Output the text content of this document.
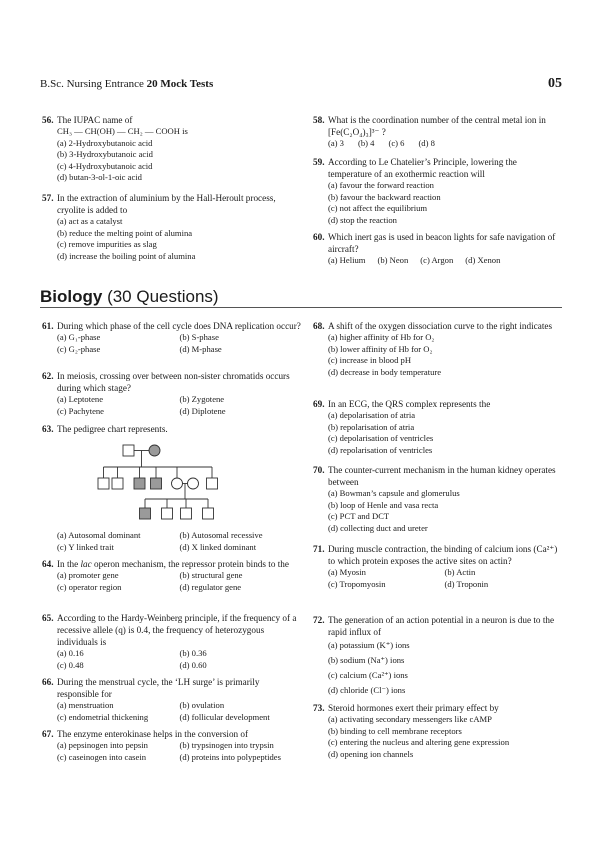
B.Sc. Nursing Entrance 20 Mock Tests	05
56. The IUPAC name of
CH₃ — CH(OH) — CH₂ — COOH is
(a) 2-Hydroxybutanoic acid
(b) 3-Hydroxybutanoic acid
(c) 4-Hydroxybutanoic acid
(d) butan-3-ol-1-oic acid
57. In the extraction of aluminium by the Hall-Heroult process, cryolite is added to
(a) act as a catalyst
(b) reduce the melting point of alumina
(c) remove impurities as slag
(d) increase the boiling point of alumina
58. What is the coordination number of the central metal ion in [Fe(C₂O₄)₃]³⁻ ?
(a) 3 (b) 4 (c) 6 (d) 8
59. According to Le Chatelier’s Principle, lowering the temperature of an exothermic reaction will
(a) favour the forward reaction
(b) favour the backward reaction
(c) not affect the equilibrium
(d) stop the reaction
60. Which inert gas is used in beacon lights for safe navigation of aircraft?
(a) Helium (b) Neon (c) Argon (d) Xenon
Biology (30 Questions)
61. During which phase of the cell cycle does DNA replication occur?
(a) G₁-phase	(b) S-phase
(c) G₂-phase	(d) M-phase
62. In meiosis, crossing over between non-sister chromatids occurs during which stage?
(a) Leptotene	(b) Zygotene
(c) Pachytene	(d) Diplotene
63. The pedigree chart represents.
(a) Autosomal dominant	(b) Autosomal recessive
(c) Y linked trait	(d) X linked dominant
64. In the lac operon mechanism, the repressor protein binds to the
(a) promoter gene	(b) structural gene
(c) operator region	(d) regulator gene
65. According to the Hardy-Weinberg principle, if the frequency of a recessive allele (q) is 0.4, the frequency of heterozygous individuals is
(a) 0.16	(b) 0.36
(c) 0.48	(d) 0.60
66. During the menstrual cycle, the ‘LH surge’ is primarily responsible for
(a) menstruation	(b) ovulation
(c) endometrial thickening	(d) follicular development
67. The enzyme enterokinase helps in the conversion of
(a) pepsinogen into pepsin	(b) trypsinogen into trypsin
(c) caseinogen into casein	(d) proteins into polypeptides
68. A shift of the oxygen dissociation curve to the right indicates
(a) higher affinity of Hb for O₂
(b) lower affinity of Hb for O₂
(c) increase in blood pH
(d) decrease in body temperature
69. In an ECG, the QRS complex represents the
(a) depolarisation of atria
(b) repolarisation of atria
(c) depolarisation of ventricles
(d) repolarisation of ventricles
70. The counter-current mechanism in the human kidney operates between
(a) Bowman’s capsule and glomerulus
(b) loop of Henle and vasa recta
(c) PCT and DCT
(d) collecting duct and ureter
71. During muscle contraction, the binding of calcium ions (Ca²⁺) to which protein exposes the active sites on actin?
(a) Myosin	(b) Actin
(c) Tropomyosin	(d) Troponin
72. The generation of an action potential in a neuron is due to the rapid influx of
(a) potassium (K⁺) ions
(b) sodium (Na⁺) ions
(c) calcium (Ca²⁺) ions
(d) chloride (Cl⁻) ions
73. Steroid hormones exert their primary effect by
(a) activating secondary messengers like cAMP
(b) binding to cell membrane receptors
(c) entering the nucleus and altering gene expression
(d) opening ion channels
